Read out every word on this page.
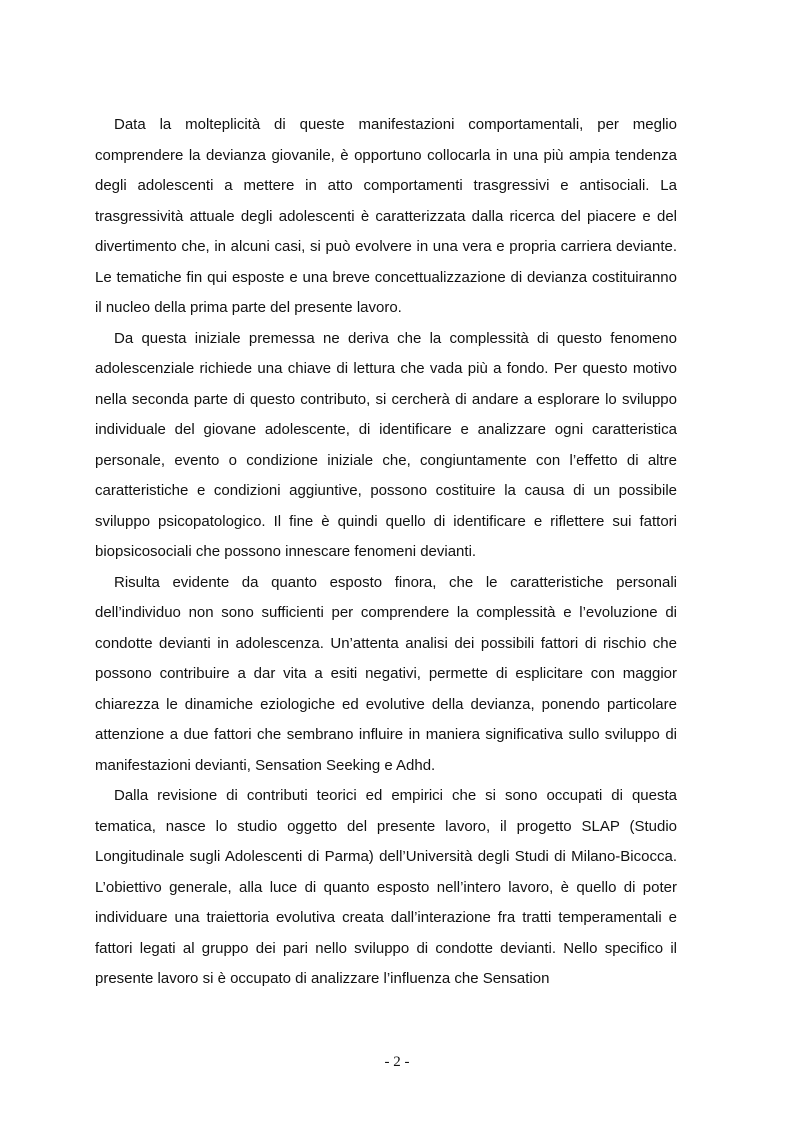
Data la molteplicità di queste manifestazioni comportamentali, per meglio comprendere la devianza giovanile, è opportuno collocarla in una più ampia tendenza degli adolescenti a mettere in atto comportamenti trasgressivi e antisociali. La trasgressività attuale degli adolescenti è caratterizzata dalla ricerca del piacere e del divertimento che, in alcuni casi, si può evolvere in una vera e propria carriera deviante. Le tematiche fin qui esposte e una breve concettualizzazione di devianza costituiranno il nucleo della prima parte del presente lavoro.

Da questa iniziale premessa ne deriva che la complessità di questo fenomeno adolescenziale richiede una chiave di lettura che vada più a fondo. Per questo motivo nella seconda parte di questo contributo, si cercherà di andare a esplorare lo sviluppo individuale del giovane adolescente, di identificare e analizzare ogni caratteristica personale, evento o condizione iniziale che, congiuntamente con l’effetto di altre caratteristiche e condizioni aggiuntive, possono costituire la causa di un possibile sviluppo psicopatologico. Il fine è quindi quello di identificare e riflettere sui fattori biopsicosociali che possono innescare fenomeni devianti.

Risulta evidente da quanto esposto finora, che le caratteristiche personali dell’individuo non sono sufficienti per comprendere la complessità e l’evoluzione di condotte devianti in adolescenza. Un’attenta analisi dei possibili fattori di rischio che possono contribuire a dar vita a esiti negativi, permette di esplicitare con maggior chiarezza le dinamiche eziologiche ed evolutive della devianza, ponendo particolare attenzione a due fattori che sembrano influire in maniera significativa sullo sviluppo di manifestazioni devianti, Sensation Seeking e Adhd.

Dalla revisione di contributi teorici ed empirici che si sono occupati di questa tematica, nasce lo studio oggetto del presente lavoro, il progetto SLAP (Studio Longitudinale sugli Adolescenti di Parma) dell’Università degli Studi di Milano-Bicocca. L’obiettivo generale, alla luce di quanto esposto nell’intero lavoro, è quello di poter individuare una traiettoria evolutiva creata dall’interazione fra tratti temperamentali e fattori legati al gruppo dei pari nello sviluppo di condotte devianti. Nello specifico il presente lavoro si è occupato di analizzare l’influenza che Sensation

- 2 -
